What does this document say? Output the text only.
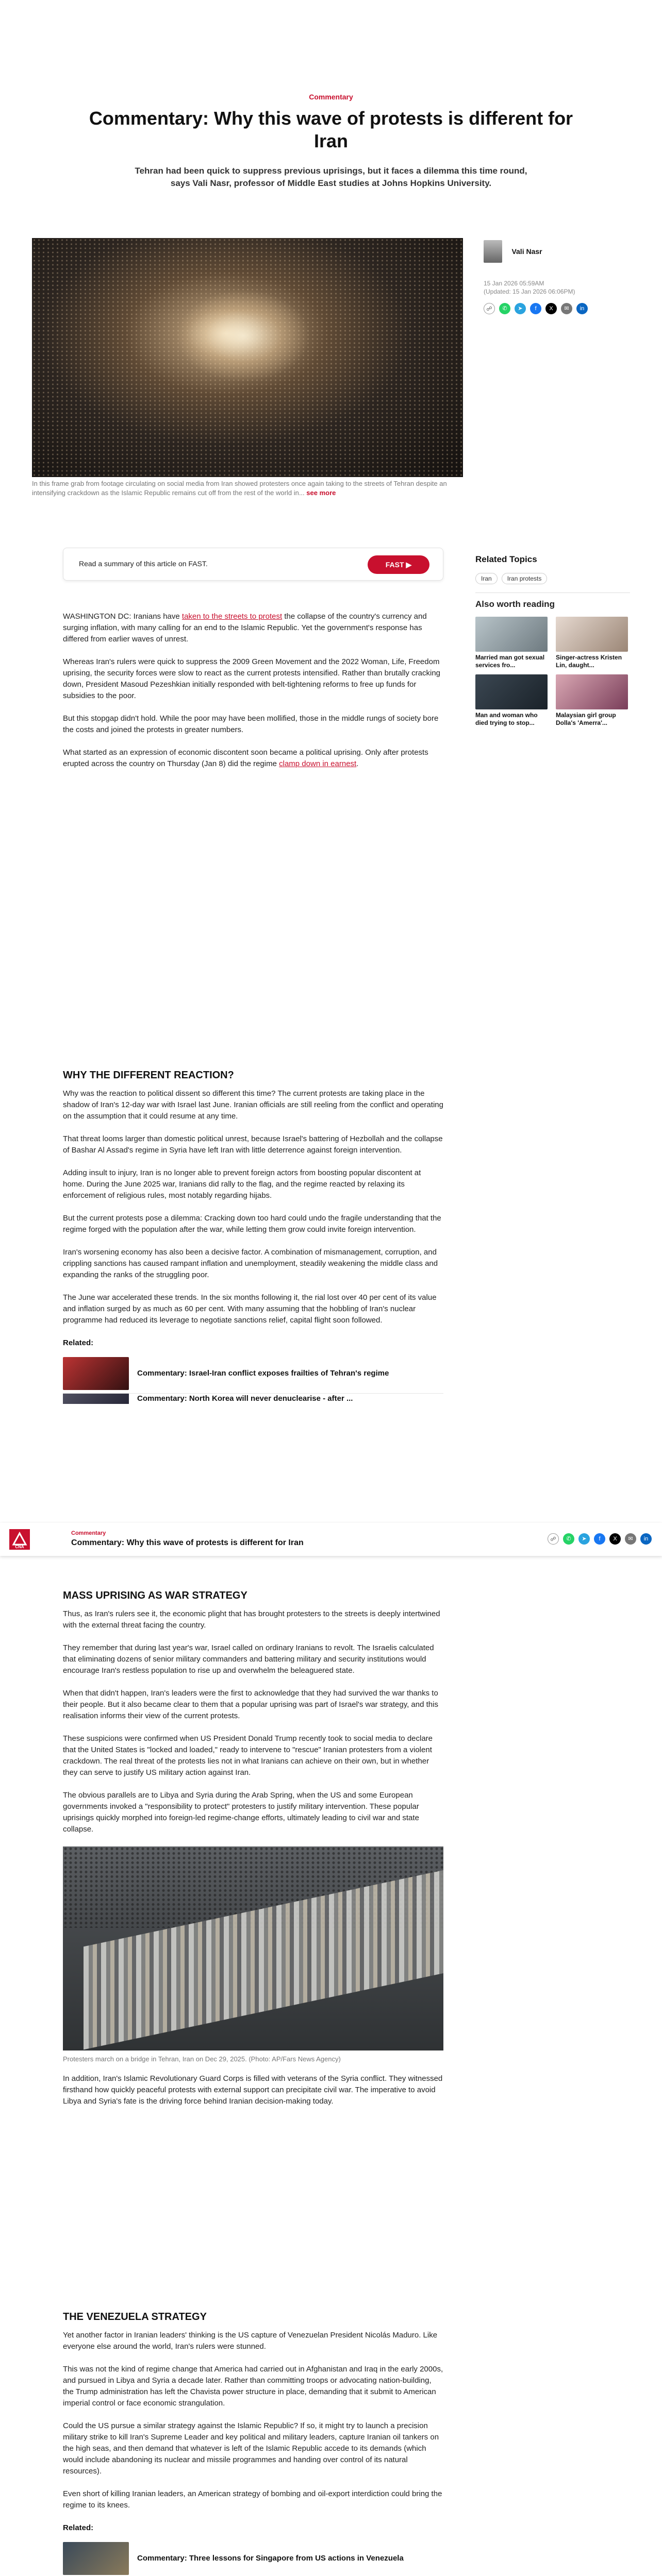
Commentary
Commentary: Why this wave of protests is different for Iran

Tehran had been quick to suppress previous uprisings, but it faces a dilemma this time round, says Vali Nasr, professor of Middle East studies at Johns Hopkins University.

In this frame grab from footage circulating on social media from Iran showed protesters once again taking to the streets of Tehran despite an intensifying crackdown as the Islamic Republic remains cut off from the rest of the world in... see more
Vali Nasr
15 Jan 2026 05:59AM
(Updated: 15 Jan 2026 06:06PM)
☍	✆	➤	f	X	✉	in
Read a summary of this article on FAST.	FAST ▶
Related Topics
Iran	Iran protests
Also worth reading
Married man got sexual services fro...
Singer-actress Kristen Lin, daught...
Man and woman who died trying to stop...
Malaysian girl group Dolla's 'Amerra'...

WASHINGTON DC: Iranians have taken to the streets to protest the collapse of the country's currency and surging inflation, with many calling for an end to the Islamic Republic. Yet the government's response has differed from earlier waves of unrest.

Whereas Iran's rulers were quick to suppress the 2009 Green Movement and the 2022 Woman, Life, Freedom uprising, the security forces were slow to react as the current protests intensified. Rather than brutally cracking down, President Masoud Pezeshkian initially responded with belt-tightening reforms to free up funds for subsidies to the poor.

But this stopgap didn't hold. While the poor may have been mollified, those in the middle rungs of society bore the costs and joined the protests in greater numbers.

What started as an expression of economic discontent soon became a political uprising. Only after protests erupted across the country on Thursday (Jan 8) did the regime clamp down in earnest.

WHY THE DIFFERENT REACTION?

Why was the reaction to political dissent so different this time? The current protests are taking place in the shadow of Iran's 12-day war with Israel last June. Iranian officials are still reeling from the conflict and operating on the assumption that it could resume at any time.

That threat looms larger than domestic political unrest, because Israel's battering of Hezbollah and the collapse of Bashar Al Assad's regime in Syria have left Iran with little deterrence against foreign intervention.

Adding insult to injury, Iran is no longer able to prevent foreign actors from boosting popular discontent at home. During the June 2025 war, Iranians did rally to the flag, and the regime reacted by relaxing its enforcement of religious rules, most notably regarding hijabs.

But the current protests pose a dilemma: Cracking down too hard could undo the fragile understanding that the regime forged with the population after the war, while letting them grow could invite foreign intervention.

Iran's worsening economy has also been a decisive factor. A combination of mismanagement, corruption, and crippling sanctions has caused rampant inflation and unemployment, steadily weakening the middle class and expanding the ranks of the struggling poor.

The June war accelerated these trends. In the six months following it, the rial lost over 40 per cent of its value and inflation surged by as much as 60 per cent. With many assuming that the hobbling of Iran's nuclear programme had reduced its leverage to negotiate sanctions relief, capital flight soon followed.

Related:
Commentary: Israel-Iran conflict exposes frailties of Tehran's regime
Commentary: North Korea will never denuclearise - after ...
CNA
Commentary
Commentary: Why this wave of protests is different for Iran	☍	✆	➤	f	X	✉	in
MASS UPRISING AS WAR STRATEGY

Thus, as Iran's rulers see it, the economic plight that has brought protesters to the streets is deeply intertwined with the external threat facing the country.

They remember that during last year's war, Israel called on ordinary Iranians to revolt. The Israelis calculated that eliminating dozens of senior military commanders and battering military and security institutions would encourage Iran's restless population to rise up and overwhelm the beleaguered state.

When that didn't happen, Iran's leaders were the first to acknowledge that they had survived the war thanks to their people. But it also became clear to them that a popular uprising was part of Israel's war strategy, and this realisation informs their view of the current protests.

These suspicions were confirmed when US President Donald Trump recently took to social media to declare that the United States is "locked and loaded," ready to intervene to "rescue" Iranian protesters from a violent crackdown. The real threat of the protests lies not in what Iranians can achieve on their own, but in whether they can serve to justify US military action against Iran.

The obvious parallels are to Libya and Syria during the Arab Spring, when the US and some European governments invoked a "responsibility to protect" protesters to justify military intervention. These popular uprisings quickly morphed into foreign-led regime-change efforts, ultimately leading to civil war and state collapse.

Protesters march on a bridge in Tehran, Iran on Dec 29, 2025. (Photo: AP/Fars News Agency)

In addition, Iran's Islamic Revolutionary Guard Corps is filled with veterans of the Syria conflict. They witnessed firsthand how quickly peaceful protests with external support can precipitate civil war. The imperative to avoid Libya and Syria's fate is the driving force behind Iranian decision-making today.

THE VENEZUELA STRATEGY

Yet another factor in Iranian leaders' thinking is the US capture of Venezuelan President Nicolás Maduro. Like everyone else around the world, Iran's rulers were stunned.

This was not the kind of regime change that America had carried out in Afghanistan and Iraq in the early 2000s, and pursued in Libya and Syria a decade later. Rather than committing troops or advocating nation-building, the Trump administration has left the Chavista power structure in place, demanding that it submit to American imperial control or face economic strangulation.

Could the US pursue a similar strategy against the Islamic Republic? If so, it might try to launch a precision military strike to kill Iran's Supreme Leader and key political and military leaders, capture Iranian oil tankers on the high seas, and then demand that whatever is left of the Islamic Republic accede to its demands (which would include abandoning its nuclear and missile programmes and handing over control of its natural resources).

Even short of killing Iranian leaders, an American strategy of bombing and oil-export interdiction could bring the regime to its knees.

Related:
Commentary: Three lessons for Singapore from US actions in Venezuela
